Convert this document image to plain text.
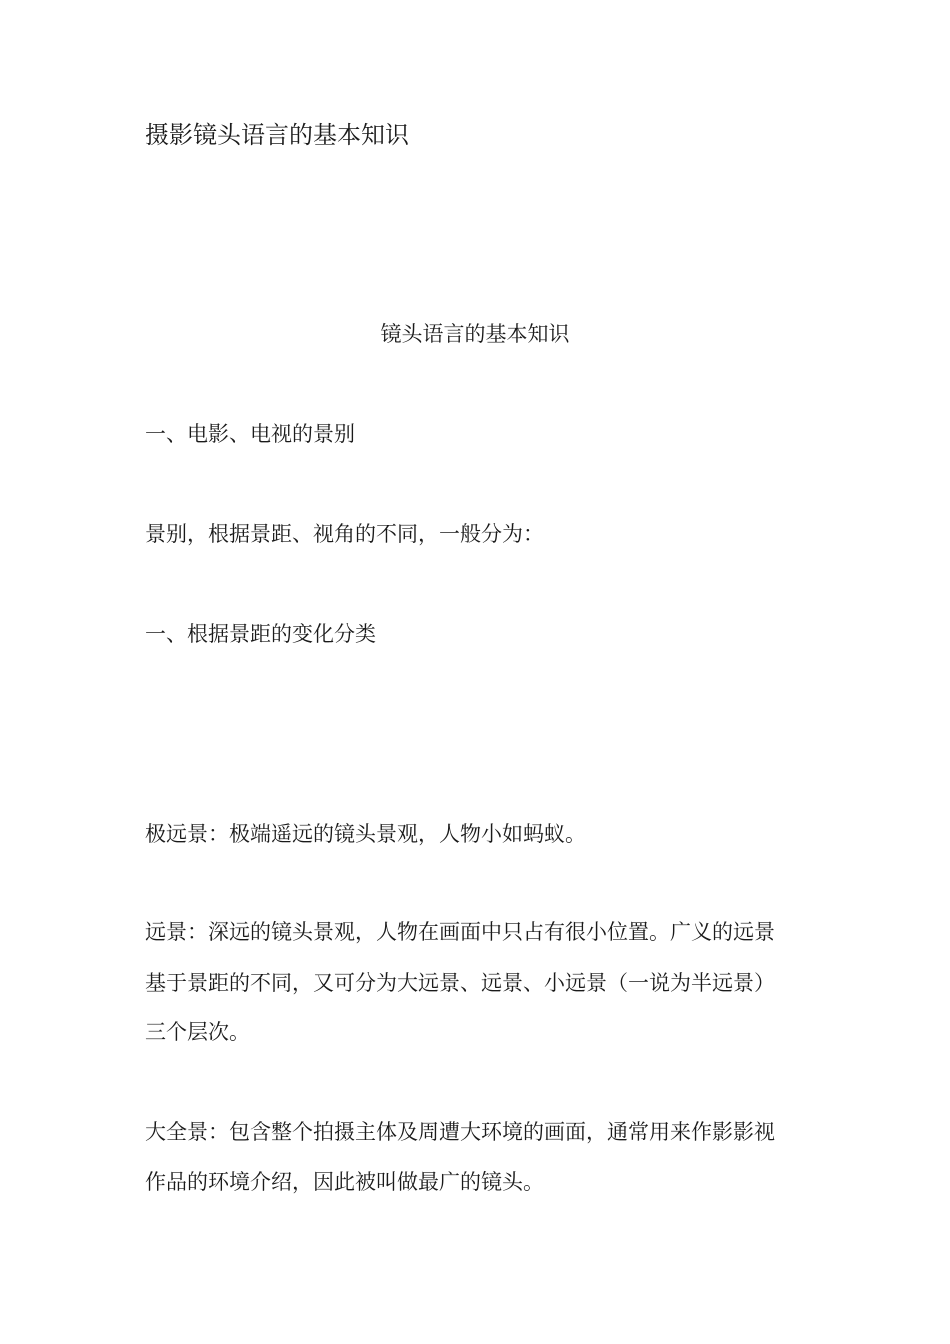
摄影镜头语言的基本知识
镜头语言的基本知识
一、电影、电视的景别
景别，根据景距、视角的不同，一般分为：
一、根据景距的变化分类
极远景：极端遥远的镜头景观，人物小如蚂蚁。
远景：深远的镜头景观，人物在画面中只占有很小位置。广义的远景
基于景距的不同，又可分为大远景、远景、小远景（一说为半远景）
三个层次。
大全景：包含整个拍摄主体及周遭大环境的画面，通常用来作影影视
作品的环境介绍，因此被叫做最广的镜头。
